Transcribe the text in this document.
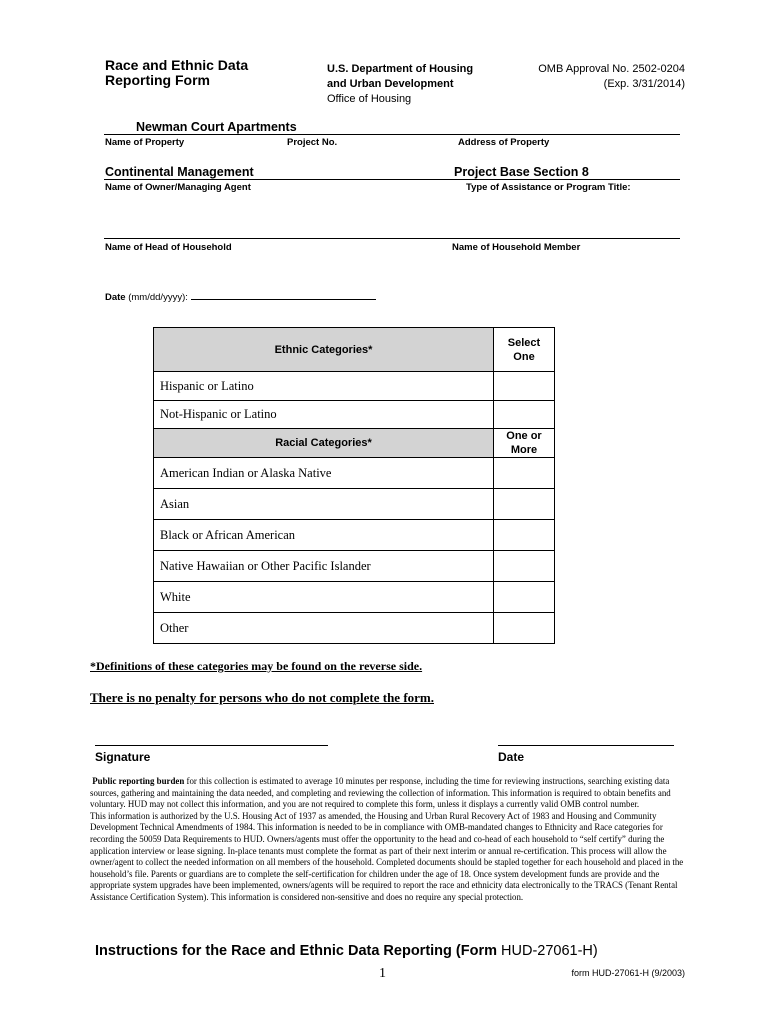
Race and Ethnic Data
Reporting Form
U.S. Department of Housing
and Urban Development
Office of Housing
OMB Approval No. 2502-0204
(Exp. 3/31/2014)
Newman Court Apartments
Name of Property	Project No.	Address of Property
Continental Management	Project Base Section 8
Name of Owner/Managing Agent	Type of Assistance or Program Title:
Name of Head of Household	Name of Household Member
Date (mm/dd/yyyy):
Ethnic Categories*	Select
One

Hispanic or Latino	
Not-Hispanic or Latino	
Racial Categories*	One or
More

American Indian or Alaska Native	
Asian	
Black or African American	
Native Hawaiian or Other Pacific Islander	
White	
Other	
*Definitions of these categories may be found on the reverse side.
There is no penalty for persons who do not complete the form.
Signature	Date

Public reporting burden for this collection is estimated to average 10 minutes per response, including the time for reviewing instructions, searching existing data sources, gathering and maintaining the data needed, and completing and reviewing the collection of information. This information is required to obtain benefits and voluntary. HUD may not collect this information, and you are not required to complete this form, unless it displays a currently valid OMB control number.

This information is authorized by the U.S. Housing Act of 1937 as amended, the Housing and Urban Rural Recovery Act of 1983 and Housing and Community Development Technical Amendments of 1984. This information is needed to be in compliance with OMB-mandated changes to Ethnicity and Race categories for recording the 50059 Data Requirements to HUD. Owners/agents must offer the opportunity to the head and co-head of each household to “self certify” during the application interview or lease signing. In-place tenants must complete the format as part of their next interim or annual re-certification. This process will allow the owner/agent to collect the needed information on all members of the household. Completed documents should be stapled together for each household and placed in the household’s file. Parents or guardians are to complete the self-certification for children under the age of 18. Once system development funds are provide and the appropriate system upgrades have been implemented, owners/agents will be required to report the race and ethnicity data electronically to the TRACS (Tenant Rental Assistance Certification System). This information is considered non-sensitive and does no require any special protection.

Instructions for the Race and Ethnic Data Reporting (Form HUD-27061-H)
1	form HUD-27061-H (9/2003)
